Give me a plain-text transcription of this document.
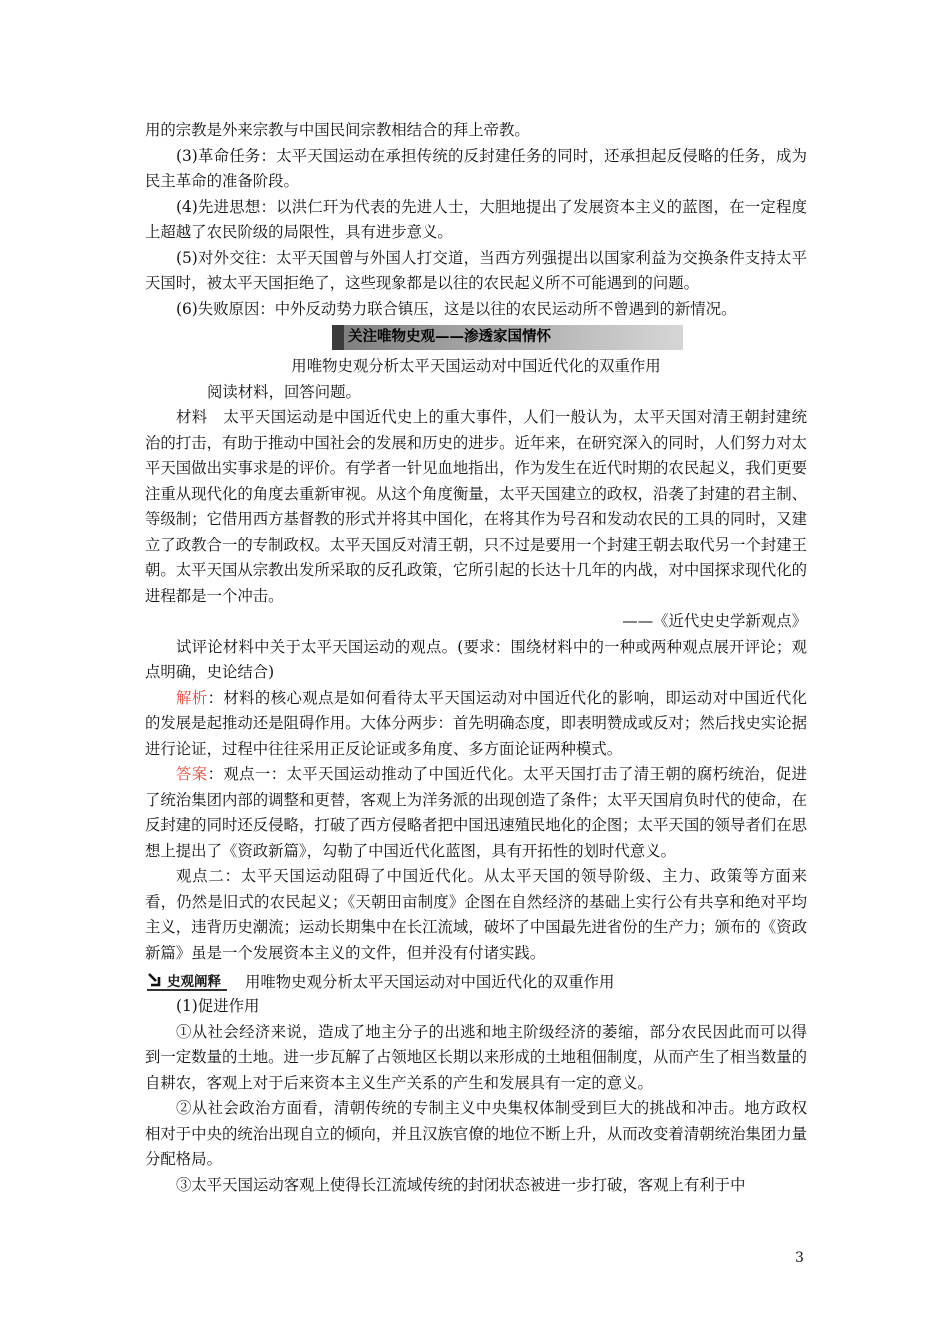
用的宗教是外来宗教与中国民间宗教相结合的拜上帝教。

(3)革命任务：太平天国运动在承担传统的反封建任务的同时，还承担起反侵略的任务，成为民主革命的准备阶段。

(4)先进思想：以洪仁玕为代表的先进人士，大胆地提出了发展资本主义的蓝图，在一定程度上超越了农民阶级的局限性，具有进步意义。

(5)对外交往：太平天国曾与外国人打交道，当西方列强提出以国家利益为交换条件支持太平天国时，被太平天国拒绝了，这些现象都是以往的农民起义所不可能遇到的问题。

(6)失败原因：中外反动势力联合镇压，这是以往的农民运动所不曾遇到的新情况。

关注唯物史观——渗透家国情怀

用唯物史观分析太平天国运动对中国近代化的双重作用

阅读材料，回答问题。

材料　太平天国运动是中国近代史上的重大事件，人们一般认为，太平天国对清王朝封建统治的打击，有助于推动中国社会的发展和历史的进步。近年来，在研究深入的同时，人们努力对太平天国做出实事求是的评价。有学者一针见血地指出，作为发生在近代时期的农民起义，我们更要注重从现代化的角度去重新审视。从这个角度衡量，太平天国建立的政权，沿袭了封建的君主制、等级制；它借用西方基督教的形式并将其中国化，在将其作为号召和发动农民的工具的同时，又建立了政教合一的专制政权。太平天国反对清王朝，只不过是要用一个封建王朝去取代另一个封建王朝。太平天国从宗教出发所采取的反孔政策，它所引起的长达十几年的内战，对中国探求现代化的进程都是一个冲击。

——《近代史史学新观点》

试评论材料中关于太平天国运动的观点。(要求：围绕材料中的一种或两种观点展开评论；观点明确，史论结合)

解析：材料的核心观点是如何看待太平天国运动对中国近代化的影响，即运动对中国近代化的发展是起推动还是阻碍作用。大体分两步：首先明确态度，即表明赞成或反对；然后找史实论据进行论证，过程中往往采用正反论证或多角度、多方面论证两种模式。

答案：观点一：太平天国运动推动了中国近代化。太平天国打击了清王朝的腐朽统治，促进了统治集团内部的调整和更替，客观上为洋务派的出现创造了条件；太平天国肩负时代的使命，在反封建的同时还反侵略，打破了西方侵略者把中国迅速殖民地化的企图；太平天国的领导者们在思想上提出了《资政新篇》，勾勒了中国近代化蓝图，具有开拓性的划时代意义。

观点二：太平天国运动阻碍了中国近代化。从太平天国的领导阶级、主力、政策等方面来看，仍然是旧式的农民起义；《天朝田亩制度》企图在自然经济的基础上实行公有共享和绝对平均主义，违背历史潮流；运动长期集中在长江流域，破坏了中国最先进省份的生产力；颁布的《资政新篇》虽是一个发展资本主义的文件，但并没有付诸实践。

史观阐释 用唯物史观分析太平天国运动对中国近代化的双重作用

(1)促进作用

①从社会经济来说，造成了地主分子的出逃和地主阶级经济的萎缩，部分农民因此而可以得到一定数量的土地。进一步瓦解了占领地区长期以来形成的土地租佃制度，从而产生了相当数量的自耕农，客观上对于后来资本主义生产关系的产生和发展具有一定的意义。

②从社会政治方面看，清朝传统的专制主义中央集权体制受到巨大的挑战和冲击。地方政权相对于中央的统治出现自立的倾向，并且汉族官僚的地位不断上升，从而改变着清朝统治集团力量分配格局。

③太平天国运动客观上使得长江流域传统的封闭状态被进一步打破，客观上有利于中

3
